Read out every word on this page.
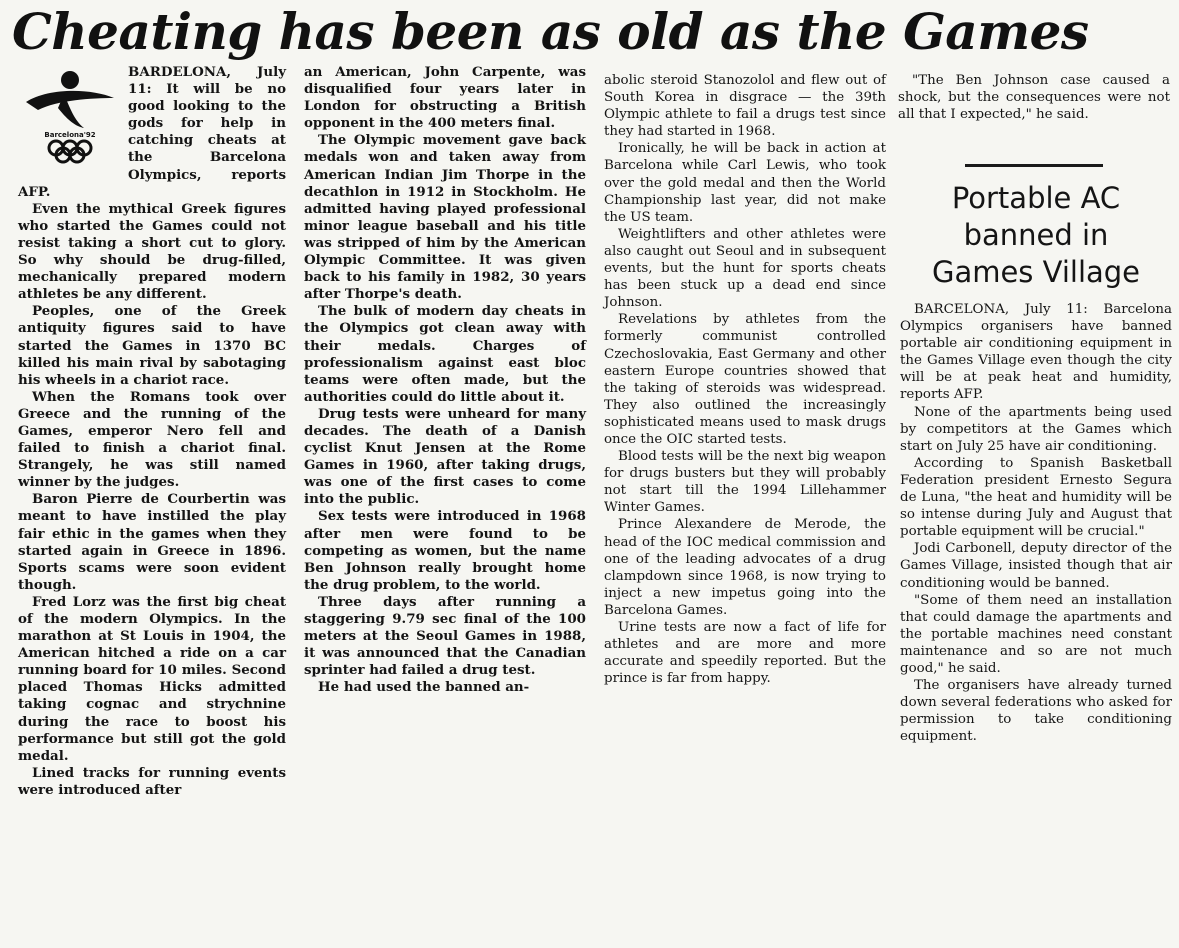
Cheating has been as old as the Games
Barcelona'92

BARDELONA, July 11: It will be no good looking to the gods for help in catching cheats at the Barcelona Olympics, reports AFP.

Even the mythical Greek figures who started the Games could not resist taking a short cut to glory. So why should be drug-filled, mechanically prepared modern athletes be any different.

Peoples, one of the Greek antiquity figures said to have started the Games in 1370 BC killed his main rival by sabotaging his wheels in a chariot race.

When the Romans took over Greece and the running of the Games, emperor Nero fell and failed to finish a chariot final. Strangely, he was still named winner by the judges.

Baron Pierre de Courbertin was meant to have instilled the play fair ethic in the games when they started again in Greece in 1896. Sports scams were soon evident though.

Fred Lorz was the first big cheat of the modern Olympics. In the marathon at St Louis in 1904, the American hitched a ride on a car running board for 10 miles. Second placed Thomas Hicks admitted taking cognac and strychnine during the race to boost his performance but still got the gold medal.

Lined tracks for running events were introduced after

an American, John Carpente, was disqualified four years later in London for obstructing a British opponent in the 400 meters final.

The Olympic movement gave back medals won and taken away from American Indian Jim Thorpe in the decathlon in 1912 in Stockholm. He admitted having played professional minor league baseball and his title was stripped of him by the American Olympic Committee. It was given back to his family in 1982, 30 years after Thorpe's death.

The bulk of modern day cheats in the Olympics got clean away with their medals. Charges of professionalism against east bloc teams were often made, but the authorities could do little about it.

Drug tests were unheard for many decades. The death of a Danish cyclist Knut Jensen at the Rome Games in 1960, after taking drugs, was one of the first cases to come into the public.

Sex tests were introduced in 1968 after men were found to be competing as women, but the name Ben Johnson really brought home the drug problem, to the world.

Three days after running a staggering 9.79 sec final of the 100 meters at the Seoul Games in 1988, it was announced that the Canadian sprinter had failed a drug test.

He had used the banned an-

abolic steroid Stanozolol and flew out of South Korea in disgrace — the 39th Olympic athlete to fail a drugs test since they had started in 1968.

Ironically, he will be back in action at Barcelona while Carl Lewis, who took over the gold medal and then the World Championship last year, did not make the US team.

Weightlifters and other athletes were also caught out Seoul and in subsequent events, but the hunt for sports cheats has been stuck up a dead end since Johnson.

Revelations by athletes from the formerly communist controlled Czechoslovakia, East Germany and other eastern Europe countries showed that the taking of steroids was widespread. They also outlined the increasingly sophisticated means used to mask drugs once the OIC started tests.

Blood tests will be the next big weapon for drugs busters but they will probably not start till the 1994 Lillehammer Winter Games.

Prince Alexandere de Merode, the head of the IOC medical commission and one of the leading advocates of a drug clampdown since 1968, is now trying to inject a new impetus going into the Barcelona Games.

Urine tests are now a fact of life for athletes and are more and more accurate and speedily reported. But the prince is far from happy.

"The Ben Johnson case caused a shock, but the consequences were not all that I expected," he said.

Portable AC
banned in
Games Village

BARCELONA, July 11: Barcelona Olympics organisers have banned portable air conditioning equipment in the Games Village even though the city will be at peak heat and humidity, reports AFP.

None of the apartments being used by competitors at the Games which start on July 25 have air conditioning.

According to Spanish Basketball Federation president Ernesto Segura de Luna, "the heat and humidity will be so intense during July and August that portable equipment will be crucial."

Jodi Carbonell, deputy director of the Games Village, insisted though that air conditioning would be banned.

"Some of them need an installation that could damage the apartments and the portable machines need constant maintenance and so are not much good," he said.

The organisers have already turned down several federations who asked for permission to take conditioning equipment.
